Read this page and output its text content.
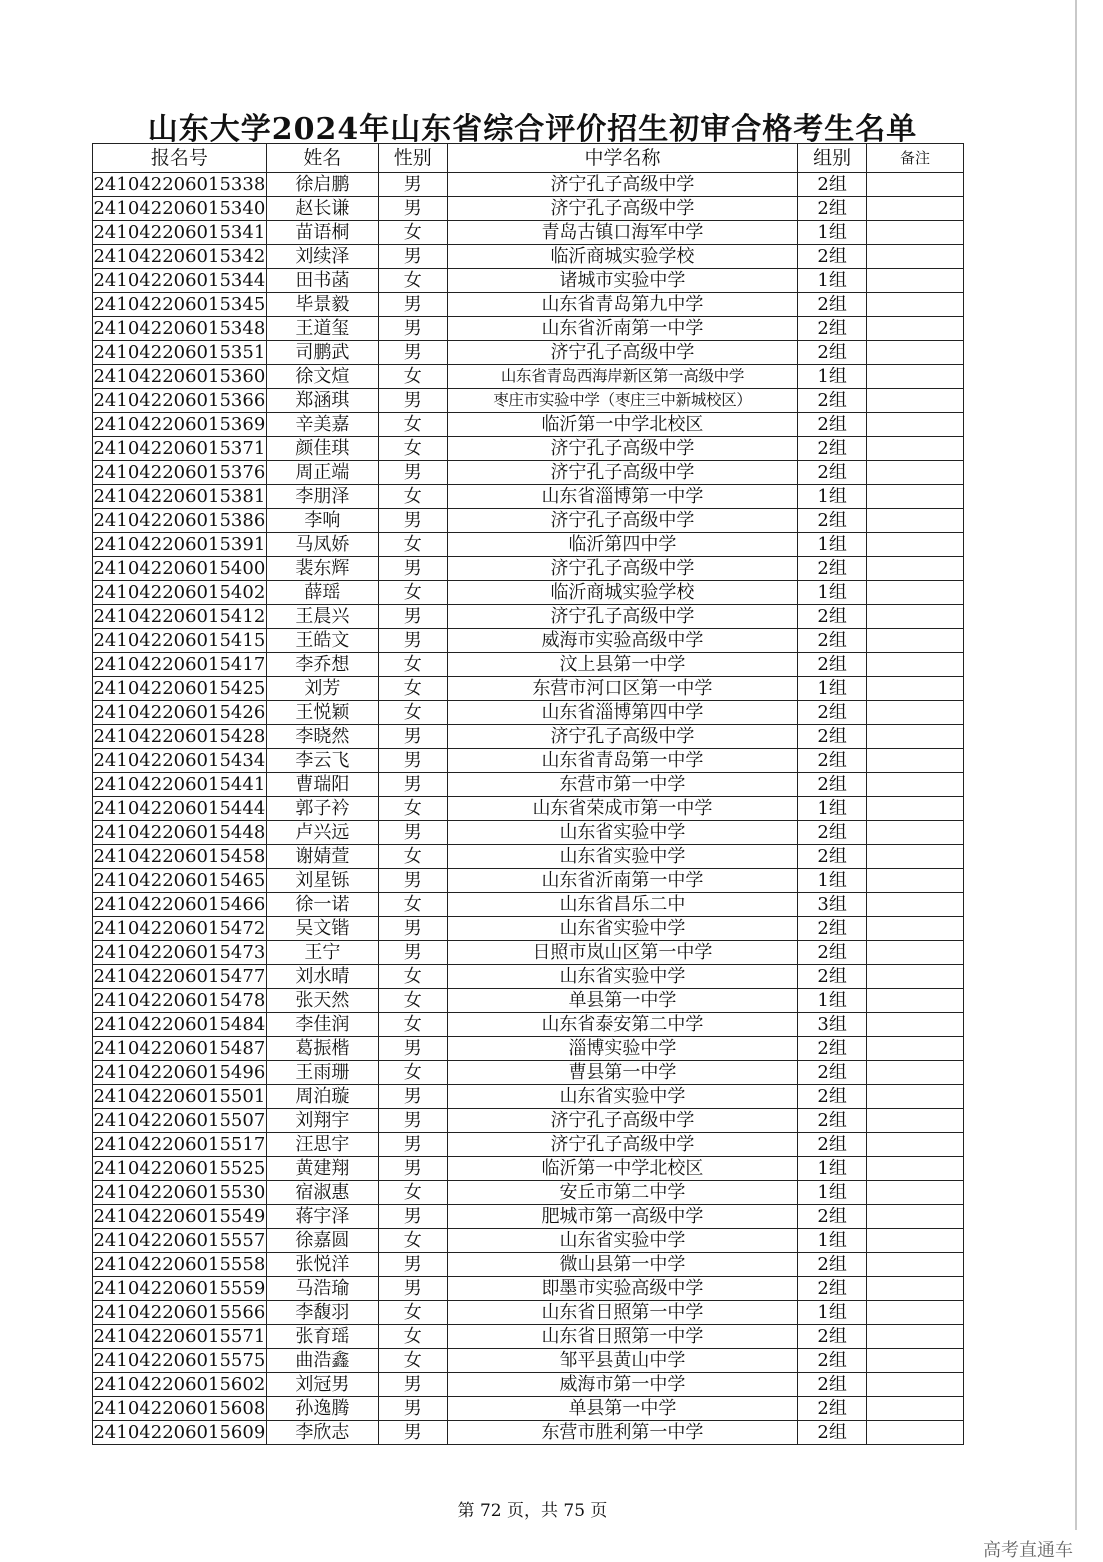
山东大学2024年山东省综合评价招生初审合格考生名单
报名号	姓名	性别	中学名称	组别	备注
241042206015338	徐启鹏	男	济宁孔子高级中学	2组	
241042206015340	赵长谦	男	济宁孔子高级中学	2组	
241042206015341	苗语桐	女	青岛古镇口海军中学	1组	
241042206015342	刘续泽	男	临沂商城实验学校	2组	
241042206015344	田书菡	女	诸城市实验中学	1组	
241042206015345	毕景毅	男	山东省青岛第九中学	2组	
241042206015348	王道玺	男	山东省沂南第一中学	2组	
241042206015351	司鹏武	男	济宁孔子高级中学	2组	
241042206015360	徐文煊	女	山东省青岛西海岸新区第一高级中学	1组	
241042206015366	郑涵琪	男	枣庄市实验中学（枣庄三中新城校区）	2组	
241042206015369	辛美嘉	女	临沂第一中学北校区	2组	
241042206015371	颜佳琪	女	济宁孔子高级中学	2组	
241042206015376	周正端	男	济宁孔子高级中学	2组	
241042206015381	李朋泽	女	山东省淄博第一中学	1组	
241042206015386	李响	男	济宁孔子高级中学	2组	
241042206015391	马凤娇	女	临沂第四中学	1组	
241042206015400	裴东辉	男	济宁孔子高级中学	2组	
241042206015402	薛瑶	女	临沂商城实验学校	1组	
241042206015412	王晨兴	男	济宁孔子高级中学	2组	
241042206015415	王皓文	男	威海市实验高级中学	2组	
241042206015417	李乔想	女	汶上县第一中学	2组	
241042206015425	刘芳	女	东营市河口区第一中学	1组	
241042206015426	王悦颖	女	山东省淄博第四中学	2组	
241042206015428	李晓然	男	济宁孔子高级中学	2组	
241042206015434	李云飞	男	山东省青岛第一中学	2组	
241042206015441	曹瑞阳	男	东营市第一中学	2组	
241042206015444	郭子衿	女	山东省荣成市第一中学	1组	
241042206015448	卢兴远	男	山东省实验中学	2组	
241042206015458	谢婧萱	女	山东省实验中学	2组	
241042206015465	刘星铄	男	山东省沂南第一中学	1组	
241042206015466	徐一诺	女	山东省昌乐二中	3组	
241042206015472	吴文锴	男	山东省实验中学	2组	
241042206015473	王宁	男	日照市岚山区第一中学	2组	
241042206015477	刘水晴	女	山东省实验中学	2组	
241042206015478	张天然	女	单县第一中学	1组	
241042206015484	李佳润	女	山东省泰安第二中学	3组	
241042206015487	葛振楷	男	淄博实验中学	2组	
241042206015496	王雨珊	女	曹县第一中学	2组	
241042206015501	周泊璇	男	山东省实验中学	2组	
241042206015507	刘翔宇	男	济宁孔子高级中学	2组	
241042206015517	汪思宇	男	济宁孔子高级中学	2组	
241042206015525	黄建翔	男	临沂第一中学北校区	1组	
241042206015530	宿淑惠	女	安丘市第二中学	1组	
241042206015549	蒋宇泽	男	肥城市第一高级中学	2组	
241042206015557	徐嘉圆	女	山东省实验中学	1组	
241042206015558	张悦洋	男	微山县第一中学	2组	
241042206015559	马浩瑜	男	即墨市实验高级中学	2组	
241042206015566	李馥羽	女	山东省日照第一中学	1组	
241042206015571	张育瑶	女	山东省日照第一中学	2组	
241042206015575	曲浩鑫	女	邹平县黄山中学	2组	
241042206015602	刘冠男	男	威海市第一中学	2组	
241042206015608	孙逸腾	男	单县第一中学	2组	
241042206015609	李欣志	男	东营市胜利第一中学	2组	
第 72 页，共 75 页
高考直通车
